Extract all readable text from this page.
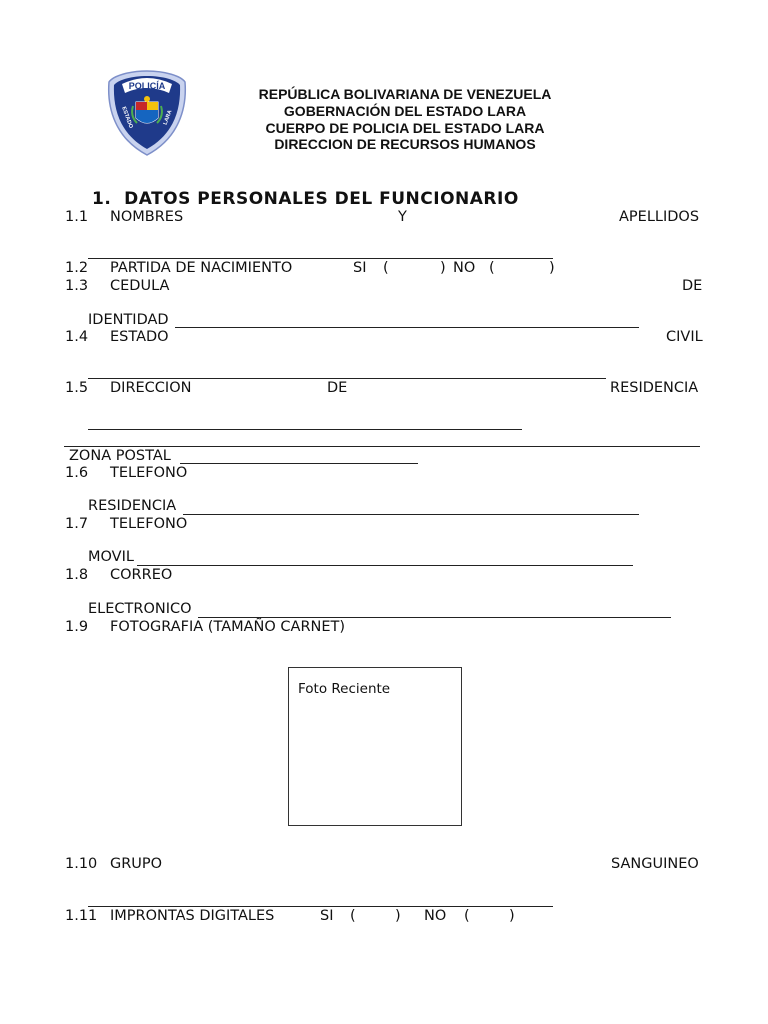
POLICÍA
ESTADO	LARA
REPÚBLICA BOLIVARIANA DE VENEZUELA
GOBERNACIÓN DEL ESTADO LARA
CUERPO DE POLICIA DEL ESTADO LARA
DIRECCION DE RECURSOS HUMANOS
1. DATOS PERSONALES DEL FUNCIONARIO
1.1 NOMBRES	Y	APELLIDOS
1.2 PARTIDA DE NACIMIENTO	SI (	) NO (	)
1.3 CEDULA	DE
IDENTIDAD
1.4 ESTADO	CIVIL
1.5 DIRECCION	DE	RESIDENCIA
ZONA POSTAL
1.6 TELEFONO
RESIDENCIA
1.7 TELEFONO
MOVIL
1.8 CORREO
ELECTRONICO
1.9 FOTOGRAFIA (TAMAÑO CARNET)
Foto Reciente
1.10 GRUPO	SANGUINEO
1.11 IMPRONTAS DIGITALES	SI (	) NO (	)
